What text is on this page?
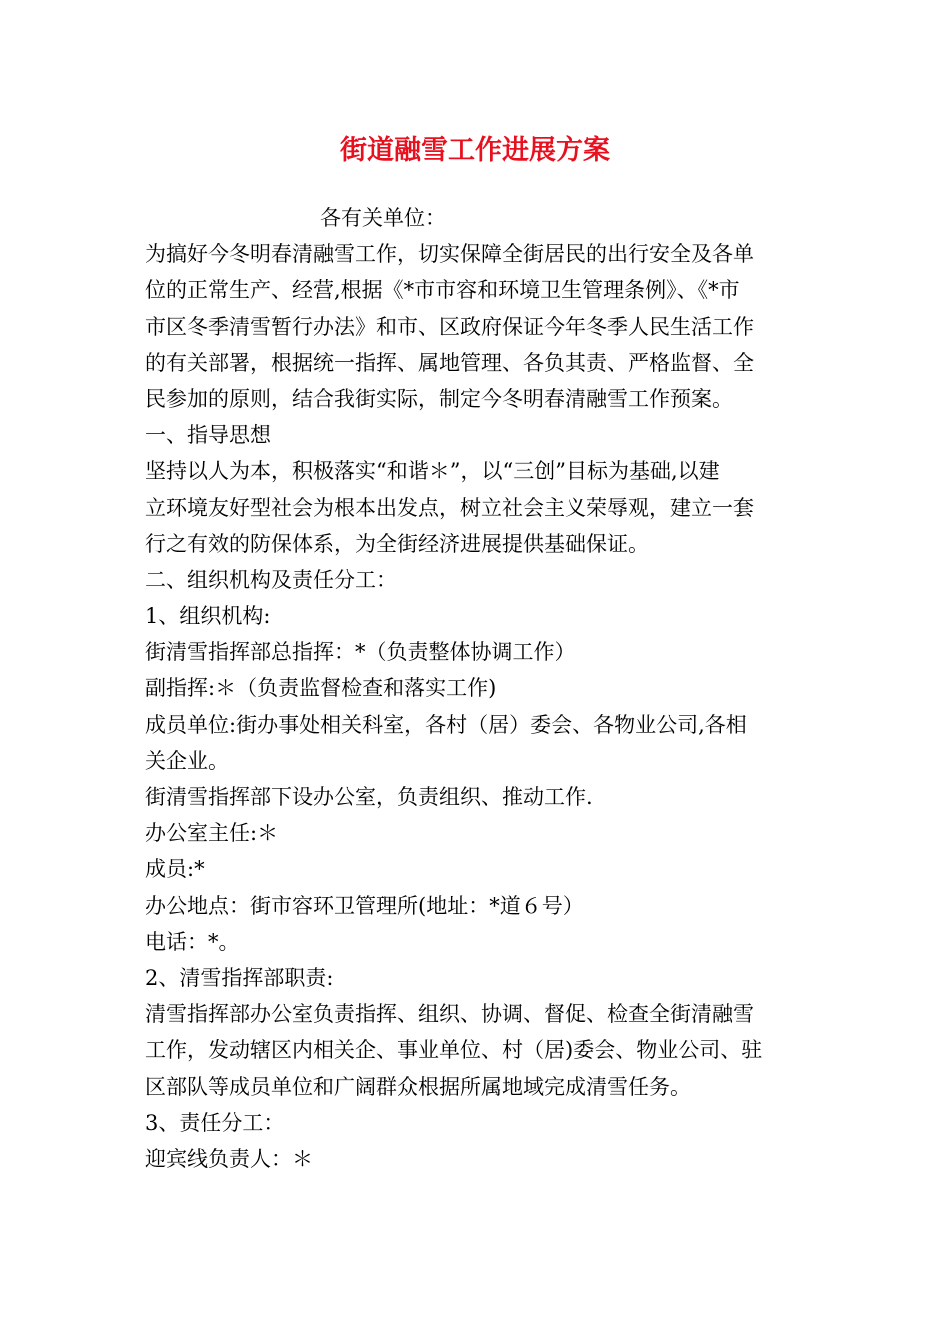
街道融雪工作进展方案
各有关单位：
为搞好今冬明春清融雪工作，切实保障全街居民的出行安全及各单
位的正常生产、经营,根据《*市市容和环境卫生管理条例》、《*市
市区冬季清雪暂行办法》和市、区政府保证今年冬季人民生活工作
的有关部署，根据统一指挥、属地管理、各负其责、严格监督、全
民参加的原则，结合我街实际，制定今冬明春清融雪工作预案。
一、指导思想
坚持以人为本，积极落实“和谐＊”，以“三创”目标为基础,以建
立环境友好型社会为根本出发点，树立社会主义荣辱观，建立一套
行之有效的防保体系，为全街经济进展提供基础保证。
二、组织机构及责任分工：
1、组织机构:
街清雪指挥部总指挥：*（负责整体协调工作）
副指挥:＊（负责监督检查和落实工作)
成员单位:街办事处相关科室，各村（居）委会、各物业公司,各相
关企业。
街清雪指挥部下设办公室，负责组织、推动工作.
办公室主任:＊
成员:*
办公地点：街市容环卫管理所(地址：*道６号）
电话：*。
2、清雪指挥部职责:
清雪指挥部办公室负责指挥、组织、协调、督促、检查全街清融雪
工作，发动辖区内相关企、事业单位、村（居)委会、物业公司、驻
区部队等成员单位和广阔群众根据所属地域完成清雪任务。
3、责任分工：
迎宾线负责人：＊
